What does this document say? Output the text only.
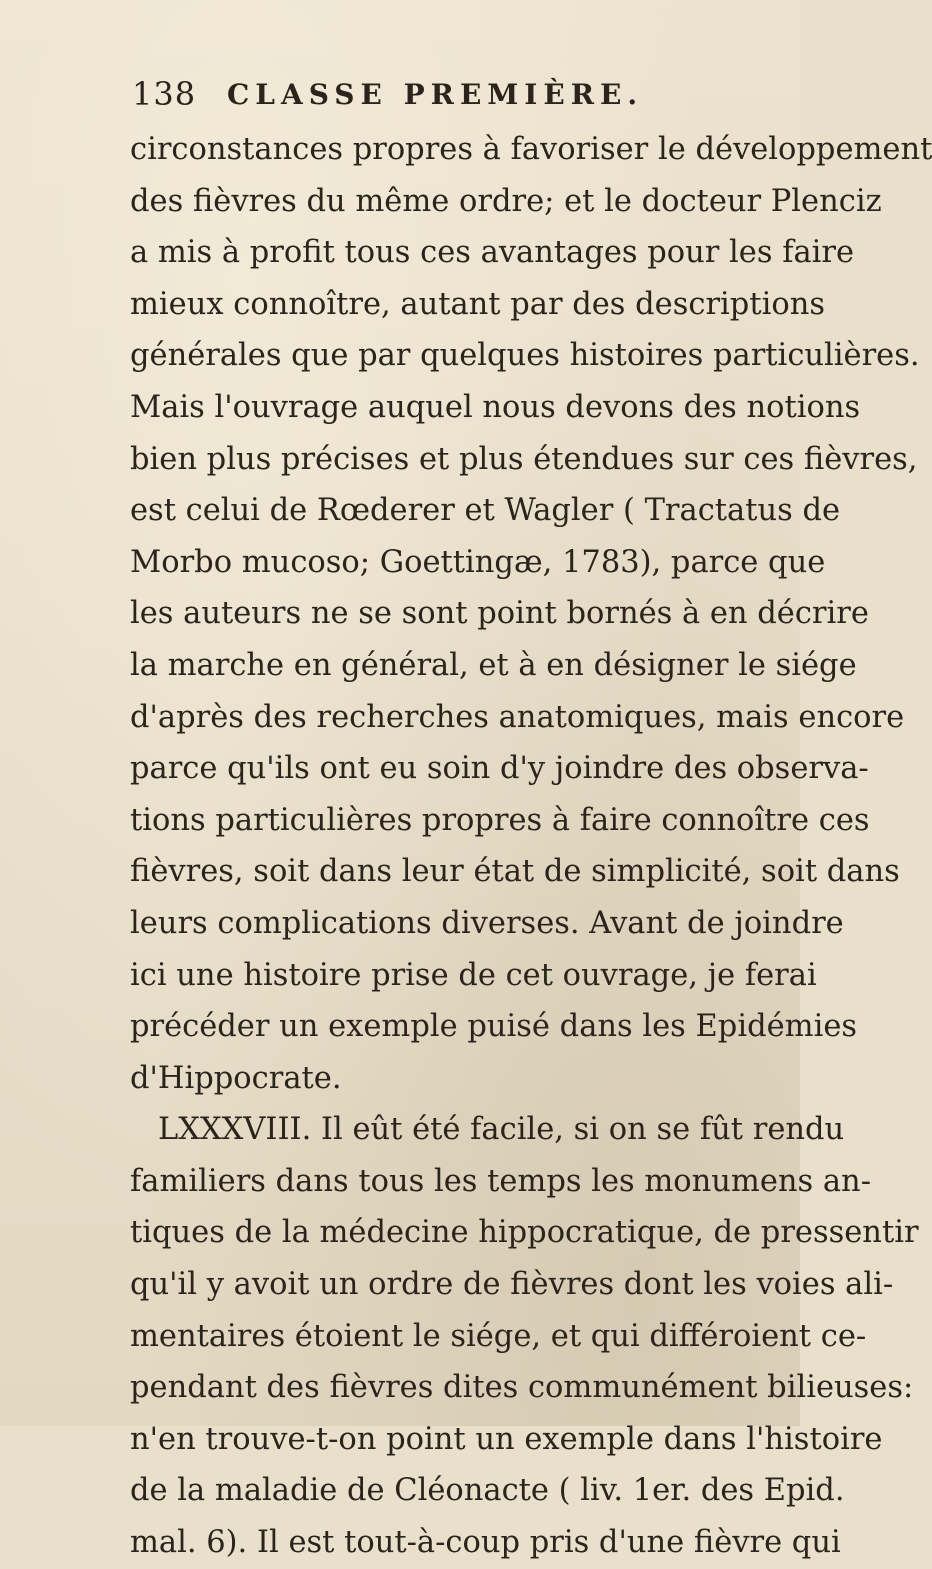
138 CLASSE PREMIÈRE.
circonstances propres à favoriser le développement
des fièvres du même ordre; et le docteur Plenciz
a mis à profit tous ces avantages pour les faire
mieux connoître, autant par des descriptions
générales que par quelques histoires particulières.
Mais l'ouvrage auquel nous devons des notions
bien plus précises et plus étendues sur ces fièvres,
est celui de Rœderer et Wagler ( Tractatus de
Morbo mucoso; Goettingæ, 1783), parce que
les auteurs ne se sont point bornés à en décrire
la marche en général, et à en désigner le siége
d'après des recherches anatomiques, mais encore
parce qu'ils ont eu soin d'y joindre des observa-
tions particulières propres à faire connoître ces
fièvres, soit dans leur état de simplicité, soit dans
leurs complications diverses. Avant de joindre
ici une histoire prise de cet ouvrage, je ferai
précéder un exemple puisé dans les Epidémies
d'Hippocrate.
LXXXVIII. Il eût été facile, si on se fût rendu
familiers dans tous les temps les monumens an-
tiques de la médecine hippocratique, de pressentir
qu'il y avoit un ordre de fièvres dont les voies ali-
mentaires étoient le siége, et qui différoient ce-
pendant des fièvres dites communément bilieuses:
n'en trouve-t-on point un exemple dans l'histoire
de la maladie de Cléonacte ( liv. 1er. des Epid.
mal. 6). Il est tout-à-coup pris d'une fièvre qui
